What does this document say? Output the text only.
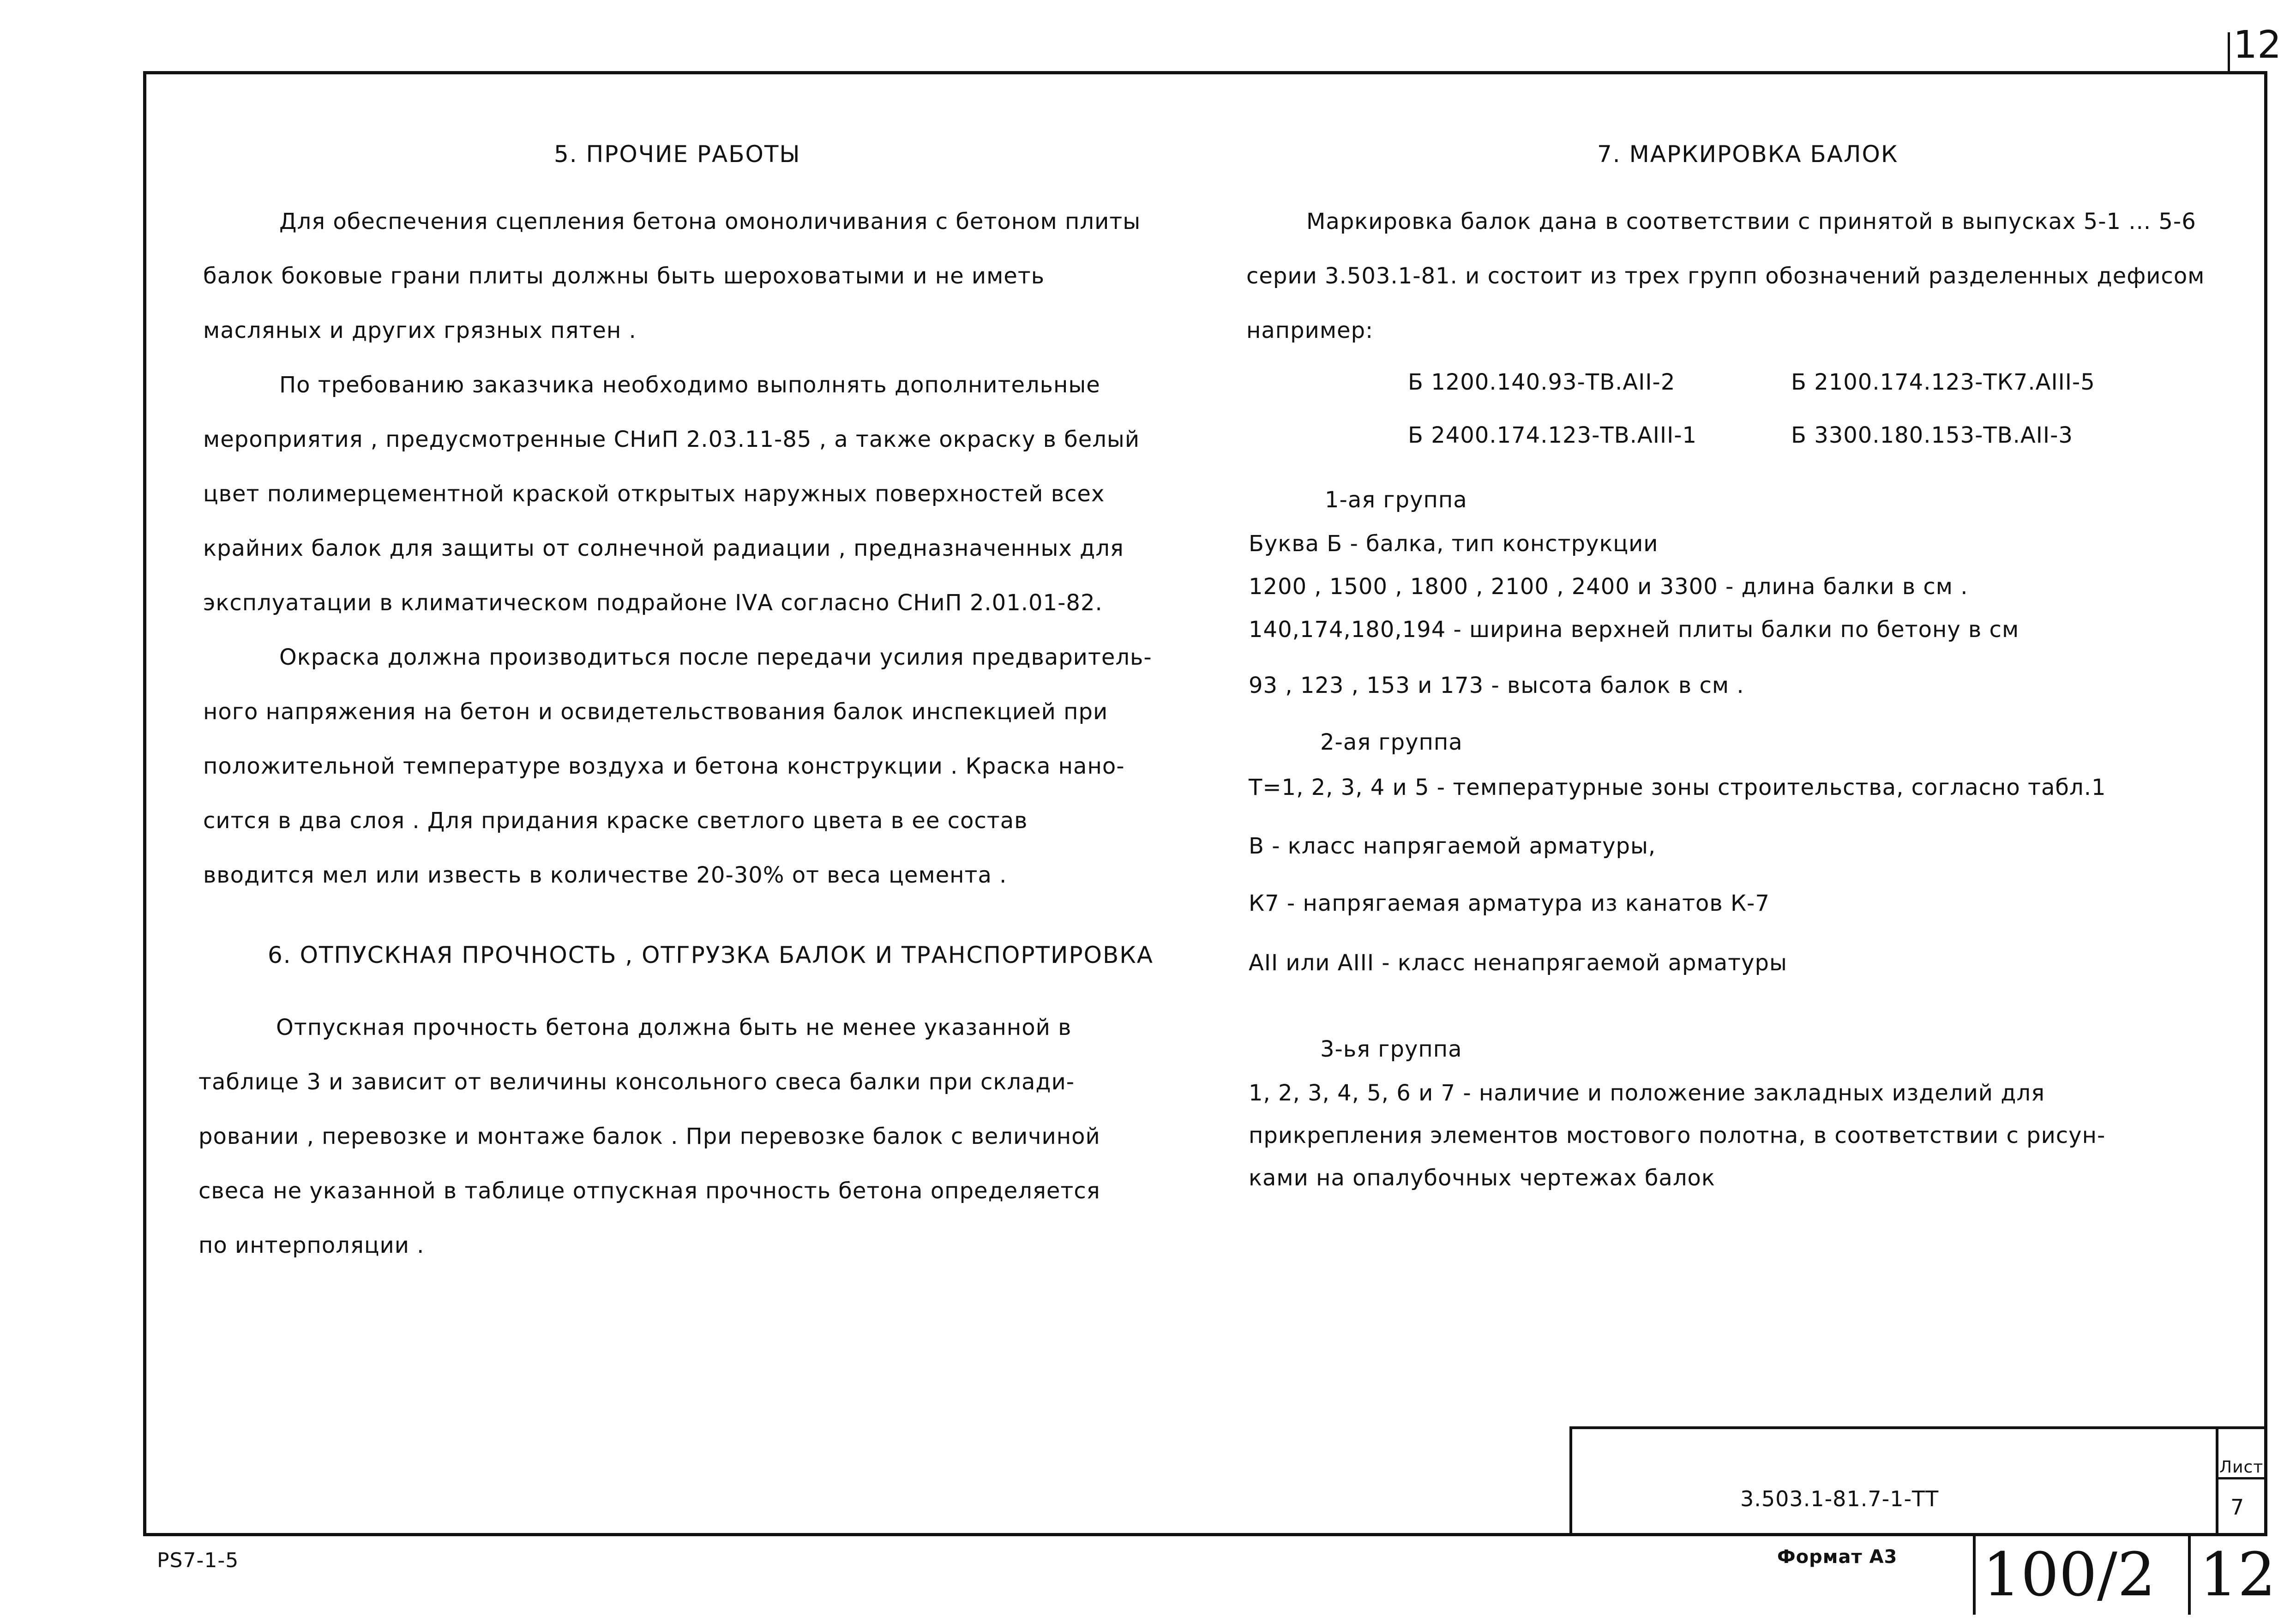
12
5. ПРОЧИЕ РАБОТЫ
Для обеспечения сцепления бетона омоноличивания с бетоном плиты
балок боковые грани плиты должны быть шероховатыми и не иметь
масляных и других грязных пятен .
По требованию заказчика необходимо выполнять дополнительные
мероприятия , предусмотренные СНиП 2.03.11-85 , а также окраску в белый
цвет полимерцементной краской открытых наружных поверхностей всех
крайних балок для защиты от солнечной радиации , предназначенных для
эксплуатации в климатическом подрайоне IVА согласно СНиП 2.01.01-82.
Окраска должна производиться после передачи усилия предваритель-
ного напряжения на бетон и освидетельствования балок инспекцией при
положительной температуре воздуха и бетона конструкции . Краска нано-
сится в два слоя . Для придания краске светлого цвета в ее состав
вводится мел или известь в количестве 20-30% от веса цемента .
6. ОТПУСКНАЯ ПРОЧНОСТЬ , ОТГРУЗКА БАЛОК И ТРАНСПОРТИРОВКА
Отпускная прочность бетона должна быть не менее указанной в
таблице 3 и зависит от величины консольного свеса балки при склади-
ровании , перевозке и монтаже балок . При перевозке балок с величиной
свеса не указанной в таблице отпускная прочность бетона определяется
по интерполяции .
7. МАРКИРОВКА БАЛОК
Маркировка балок дана в соответствии с принятой в выпусках 5-1 ... 5-6
серии 3.503.1-81. и состоит из трех групп обозначений разделенных дефисом
например:
Б 1200.140.93-ТВ.АII-2	Б 2100.174.123-ТК7.АIII-5
Б 2400.174.123-ТВ.АIII-1	Б 3300.180.153-ТВ.АII-3
1-ая группа
Буква Б - балка, тип конструкции
1200 , 1500 , 1800 , 2100 , 2400 и 3300 - длина балки в см .
140,174,180,194 - ширина верхней плиты балки по бетону в см
93 , 123 , 153 и 173 - высота балок в см .
2-ая группа
Т=1, 2, 3, 4 и 5 - температурные зоны строительства, согласно табл.1
В - класс напрягаемой арматуры,
К7 - напрягаемая арматура из канатов К-7
АII или АIII - класс ненапрягаемой арматуры
3-ья группа
1, 2, 3, 4, 5, 6 и 7 - наличие и положение закладных изделий для
прикрепления элементов мостового полотна, в соответствии с рисун-
ками на опалубочных чертежах балок
3.503.1-81.7-1-ТТ
Лист
7
PS7-1-5	Формат А3 100/2 12
